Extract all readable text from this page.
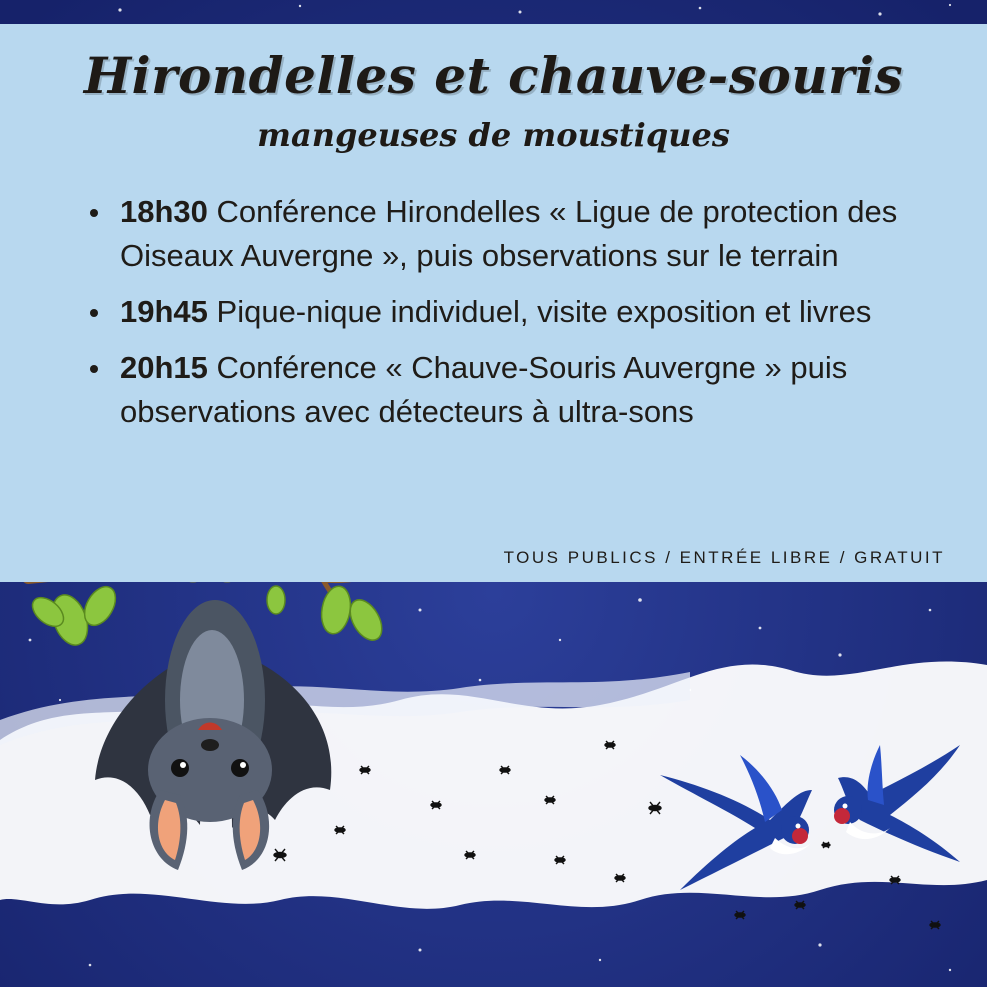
Hirondelles et chauve-souris
mangeuses de moustiques
18h30 Conférence Hirondelles « Ligue de protection des Oiseaux Auvergne », puis observations sur le terrain
19h45 Pique-nique individuel, visite exposition et livres
20h15 Conférence « Chauve-Souris Auvergne » puis observations avec détecteurs à ultra-sons
TOUS PUBLICS / ENTRÉE LIBRE / GRATUIT
